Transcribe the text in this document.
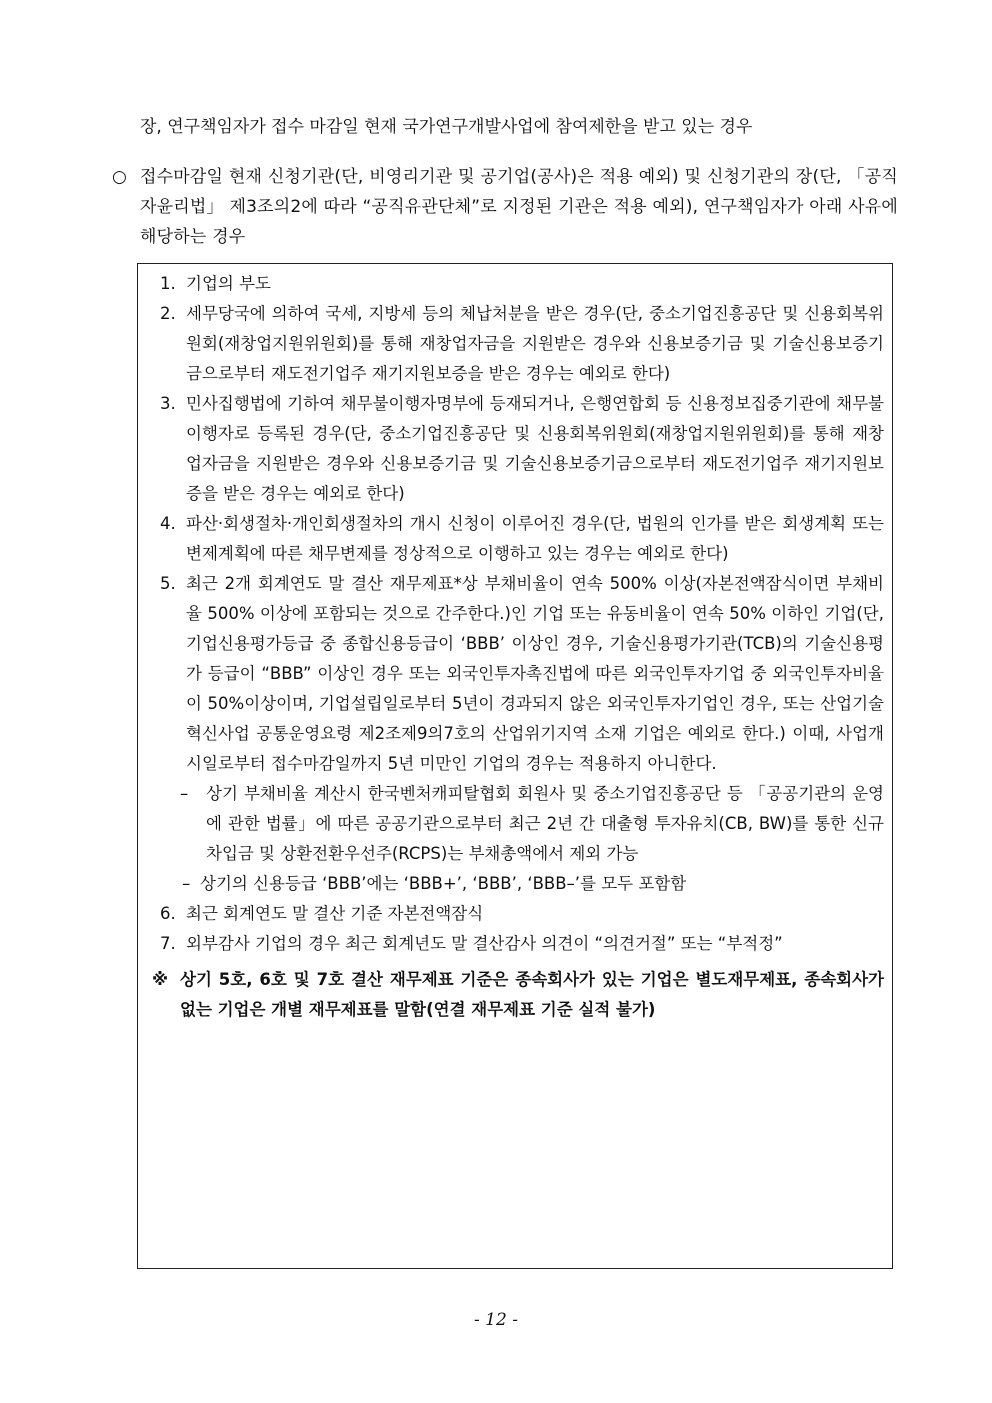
장, 연구책임자가 접수 마감일 현재 국가연구개발사업에 참여제한을 받고 있는 경우
○ 접수마감일 현재 신청기관(단, 비영리기관 및 공기업(공사)은 적용 예외) 및 신청기관의 장(단, 「공직자윤리법」 제3조의2에 따라 “공직유관단체”로 지정된 기관은 적용 예외), 연구책임자가 아래 사유에 해당하는 경우
1. 기업의 부도
2. 세무당국에 의하여 국세, 지방세 등의 체납처분을 받은 경우(단, 중소기업진흥공단 및 신용회복위원회(재창업지원위원회)를 통해 재창업자금을 지원받은 경우와 신용보증기금 및 기술신용보증기금으로부터 재도전기업주 재기지원보증을 받은 경우는 예외로 한다)
3. 민사집행법에 기하여 채무불이행자명부에 등재되거나, 은행연합회 등 신용정보집중기관에 채무불이행자로 등록된 경우(단, 중소기업진흥공단 및 신용회복위원회(재창업지원위원회)를 통해 재창업자금을 지원받은 경우와 신용보증기금 및 기술신용보증기금으로부터 재도전기업주 재기지원보증을 받은 경우는 예외로 한다)
4. 파산·회생절차·개인회생절차의 개시 신청이 이루어진 경우(단, 법원의 인가를 받은 회생계획 또는 변제계획에 따른 채무변제를 정상적으로 이행하고 있는 경우는 예외로 한다)
5. 최근 2개 회계연도 말 결산 재무제표*상 부채비율이 연속 500% 이상(자본전액잠식이면 부채비율 500% 이상에 포함되는 것으로 간주한다.)인 기업 또는 유동비율이 연속 50% 이하인 기업(단, 기업신용평가등급 중 종합신용등급이 ‘BBB’ 이상인 경우, 기술신용평가기관(TCB)의 기술신용평가 등급이 “BBB” 이상인 경우 또는 외국인투자촉진법에 따른 외국인투자기업 중 외국인투자비율이 50%이상이며, 기업설립일로부터 5년이 경과되지 않은 외국인투자기업인 경우, 또는 산업기술혁신사업 공통운영요령 제2조제9의7호의 산업위기지역 소재 기업은 예외로 한다.) 이때, 사업개시일로부터 접수마감일까지 5년 미만인 기업의 경우는 적용하지 아니한다.
– 상기 부채비율 계산시 한국벤처캐피탈협회 회원사 및 중소기업진흥공단 등 「공공기관의 운영에 관한 법률」에 따른 공공기관으로부터 최근 2년 간 대출형 투자유치(CB, BW)를 통한 신규차입금 및 상환전환우선주(RCPS)는 부채총액에서 제외 가능
– 상기의 신용등급 ‘BBB’에는 ‘BBB+’, ‘BBB’, ‘BBB–’를 모두 포함함
6. 최근 회계연도 말 결산 기준 자본전액잠식
7. 외부감사 기업의 경우 최근 회계년도 말 결산감사 의견이 “의견거절” 또는 “부적정”
※ 상기 5호, 6호 및 7호 결산 재무제표 기준은 종속회사가 있는 기업은 별도재무제표, 종속회사가 없는 기업은 개별 재무제표를 말함(연결 재무제표 기준 실적 불가)
- 12 -
